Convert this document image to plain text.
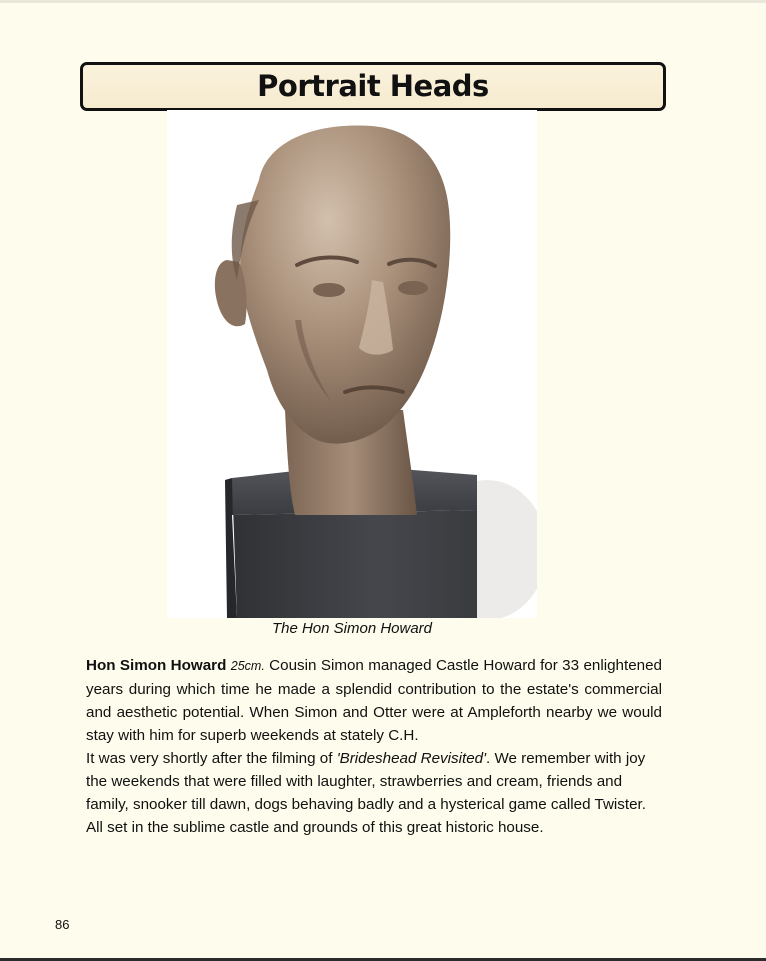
Portrait Heads
The Hon Simon Howard

Hon Simon Howard 25cm. Cousin Simon managed Castle Howard for 33 enlightened years during which time he made a splendid contribution to the estate's commercial and aesthetic potential. When Simon and Otter were at Ampleforth nearby we would stay with him for superb weekends at stately C.H.

It was very shortly after the filming of 'Brideshead Revisited'. We remember with joy the weekends that were filled with laughter, strawberries and cream, friends and family, snooker till dawn, dogs behaving badly and a hysterical game called Twister. All set in the sublime castle and grounds of this great historic house.

86
